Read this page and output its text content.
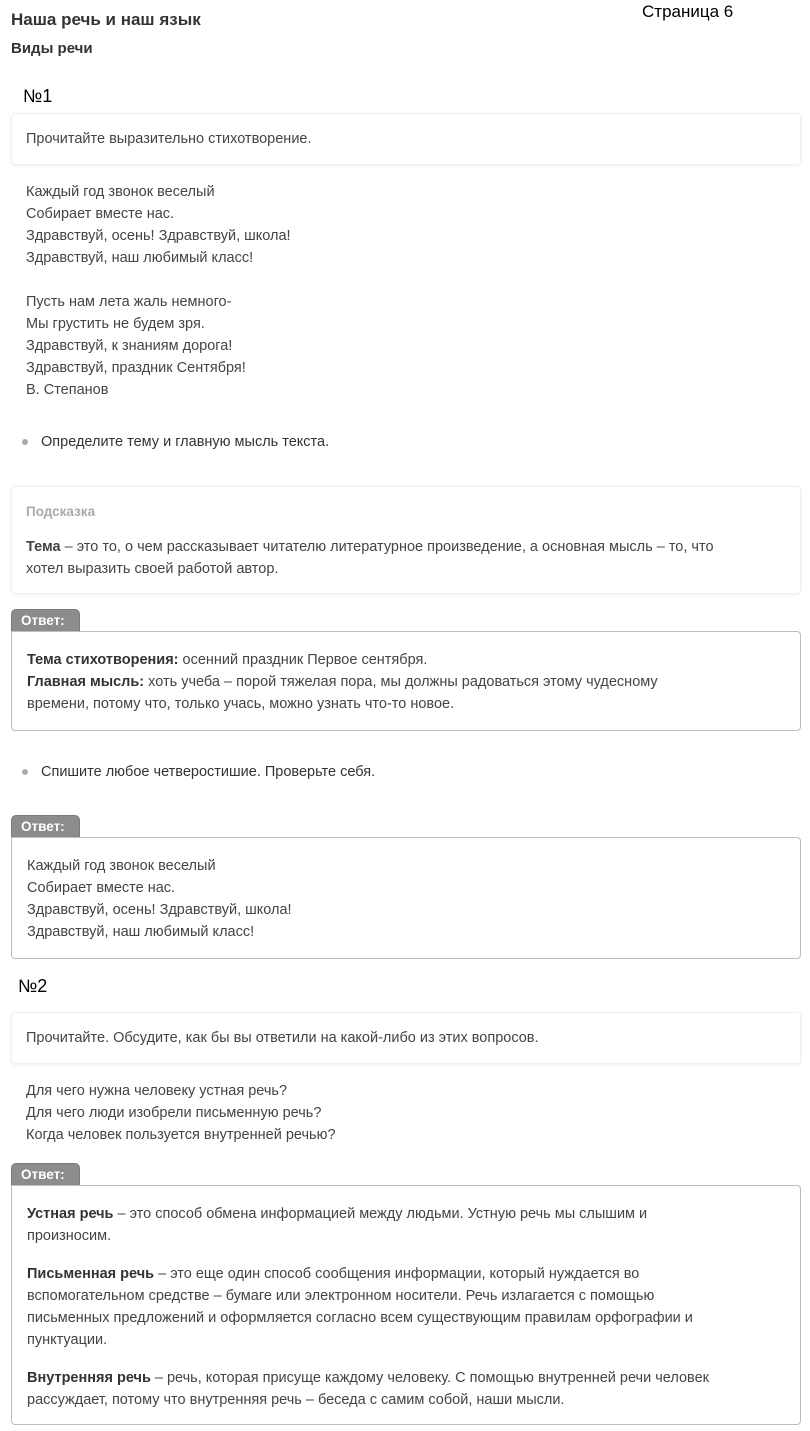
Наша речь и наш язык
Виды речи
Страница 6
№1
Прочитайте выразительно стихотворение.
Каждый год звонок веселый
Собирает вместе нас.
Здравствуй, осень! Здравствуй, школа!
Здравствуй, наш любимый класс!
Пусть нам лета жаль немного-
Мы грустить не будем зря.
Здравствуй, к знаниям дорога!
Здравствуй, праздник Сентября!
В. Степанов
Определите тему и главную мысль текста.
Подсказка
Тема – это то, о чем рассказывает читателю литературное произведение, а основная мысль – то, что
хотел выразить своей работой автор.
Ответ:
Тема стихотворения: осенний праздник Первое сентября.
Главная мысль: хоть учеба – порой тяжелая пора, мы должны радоваться этому чудесному
времени, потому что, только учась, можно узнать что-то новое.
Спишите любое четверостишие. Проверьте себя.
Ответ:
Каждый год звонок веселый
Собирает вместе нас.
Здравствуй, осень! Здравствуй, школа!
Здравствуй, наш любимый класс!
№2
Прочитайте. Обсудите, как бы вы ответили на какой-либо из этих вопросов.
Для чего нужна человеку устная речь?
Для чего люди изобрели письменную речь?
Когда человек пользуется внутренней речью?
Ответ:
Устная речь – это способ обмена информацией между людьми. Устную речь мы слышим и
произносим.
Письменная речь – это еще один способ сообщения информации, который нуждается во
вспомогательном средстве – бумаге или электронном носители. Речь излагается с помощью
письменных предложений и оформляется согласно всем существующим правилам орфографии и
пунктуации.
Внутренняя речь – речь, которая присуще каждому человеку. С помощью внутренней речи человек
рассуждает, потому что внутренняя речь – беседа с самим собой, наши мысли.
